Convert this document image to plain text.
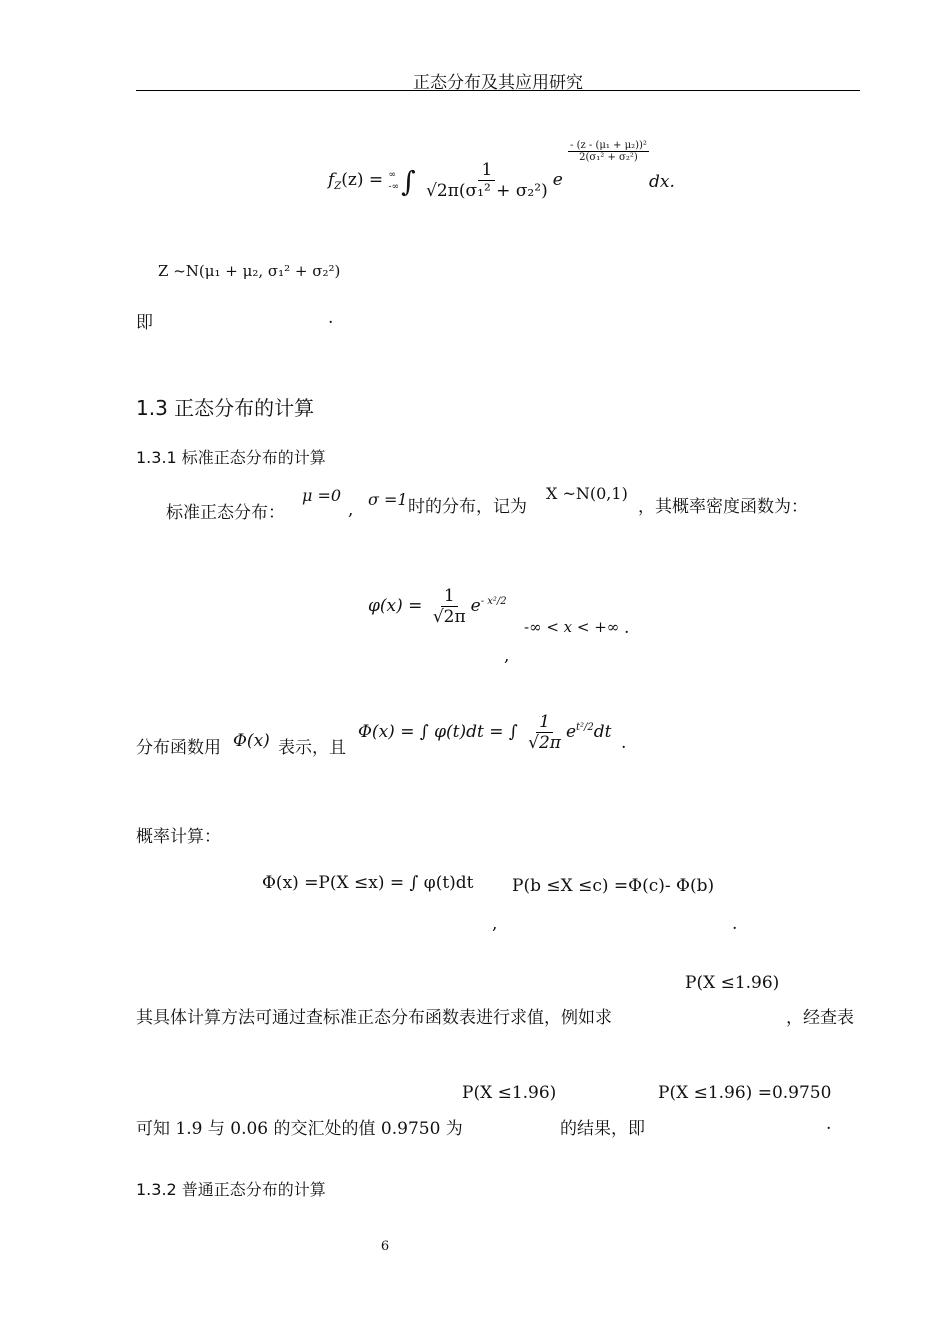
正态分布及其应用研究
$f_Z(z)$ = ∞
-∞ ∫ $\frac{1}{\text{√2π(σ₁² + σ₂²)}}$ e
- (z - (μ₁ + μ₂))²
2(σ₁² + σ₂²)
dx.
Z ~N(μ₁ + μ₂, σ₁² + σ₂²)
即	.
1.3 正态分布的计算
1.3.1 标准正态分布的计算
标准正态分布：
μ =0
,
σ =1 时的分布，记为
X ~N(0,1)
，其概率密度函数为：
$\varphi(x) = \frac{1}{√2\pi} e^{- x^2/2}$
-∞ < x < +∞ .
,
分布函数用 Φ(x) 表示，且
Φ(x) = ∫ φ(t)dt = ∫ $\frac{1}{√2\pi} e^{t^2/2}dt$
.
概率计算：
Φ(x) =P(X ≤x) = ∫ φ(t)dt P(b ≤X ≤c) =Φ(c)- Φ(b)
,	.
P(X ≤1.96)
其具体计算方法可通过查标准正态分布函数表进行求值，例如求	，经查表
P(X ≤1.96)	P(X ≤1.96) =0.9750
可知 1.9 与 0.06 的交汇处的值 0.9750 为	的结果，即	.
1.3.2 普通正态分布的计算
6
